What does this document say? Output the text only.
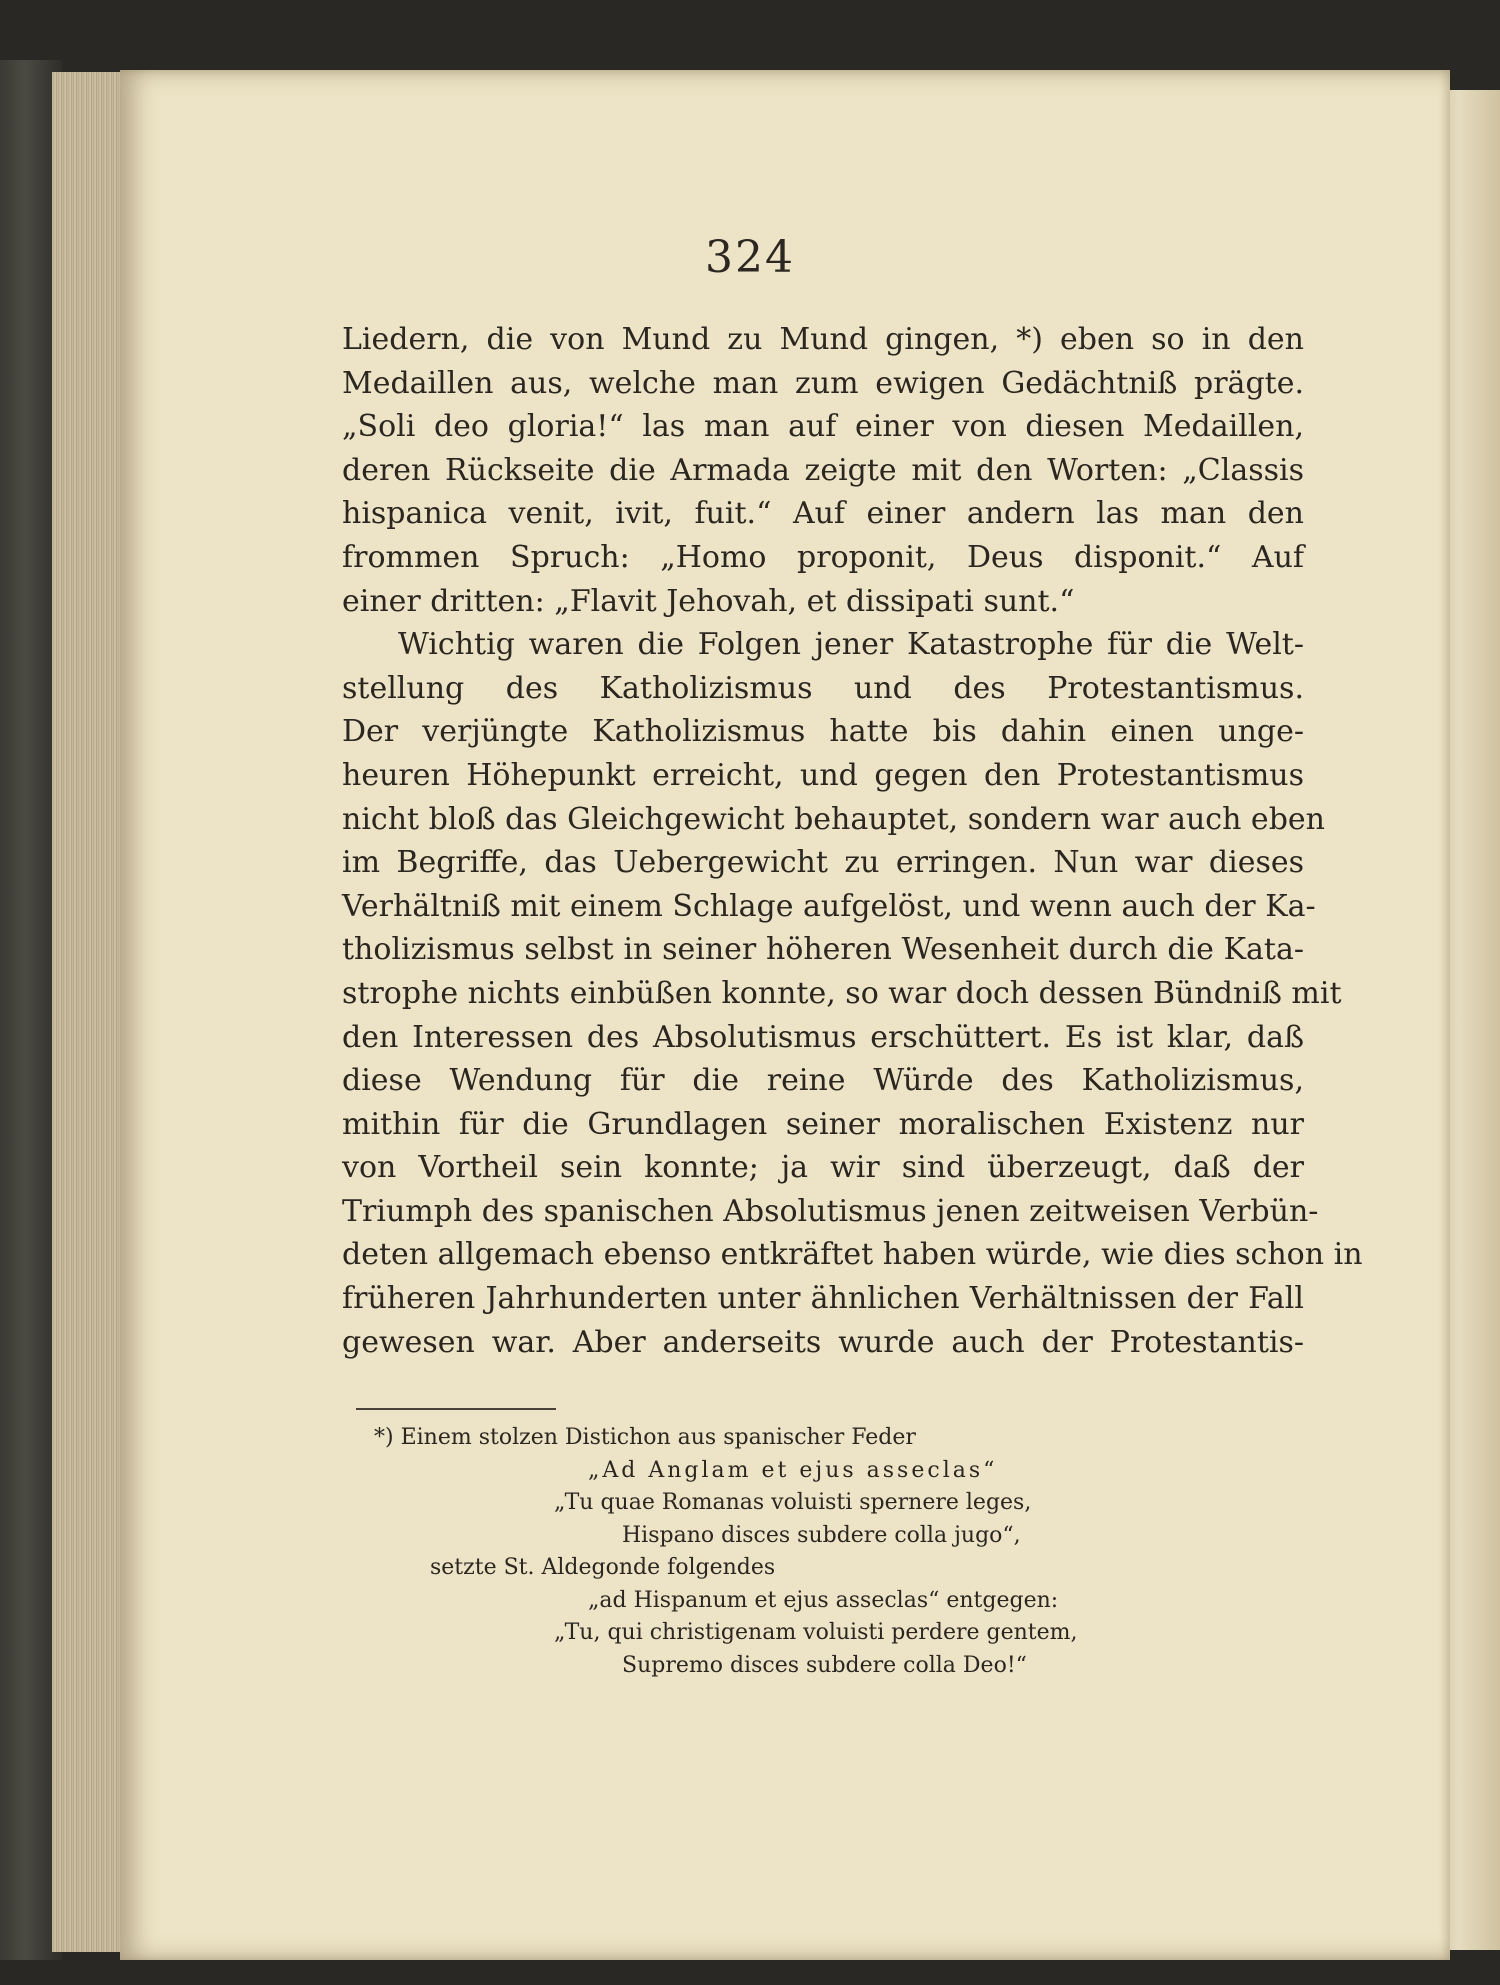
324
Liedern, die von Mund zu Mund gingen, *) eben so in den
Medaillen aus, welche man zum ewigen Gedächtniß prägte.
„Soli deo gloria!“ las man auf einer von diesen Medaillen,
deren Rückseite die Armada zeigte mit den Worten: „Classis
hispanica venit, ivit, fuit.“ Auf einer andern las man den
frommen Spruch: „Homo proponit, Deus disponit.“ Auf
einer dritten: „Flavit Jehovah, et dissipati sunt.“
Wichtig waren die Folgen jener Katastrophe für die Welt-
stellung des Katholizismus und des Protestantismus.
Der verjüngte Katholizismus hatte bis dahin einen unge-
heuren Höhepunkt erreicht, und gegen den Protestantismus
nicht bloß das Gleichgewicht behauptet, sondern war auch eben
im Begriffe, das Uebergewicht zu erringen. Nun war dieses
Verhältniß mit einem Schlage aufgelöst, und wenn auch der Ka-
tholizismus selbst in seiner höheren Wesenheit durch die Kata-
strophe nichts einbüßen konnte, so war doch dessen Bündniß mit
den Interessen des Absolutismus erschüttert. Es ist klar, daß
diese Wendung für die reine Würde des Katholizismus,
mithin für die Grundlagen seiner moralischen Existenz nur
von Vortheil sein konnte; ja wir sind überzeugt, daß der
Triumph des spanischen Absolutismus jenen zeitweisen Verbün-
deten allgemach ebenso entkräftet haben würde, wie dies schon in
früheren Jahrhunderten unter ähnlichen Verhältnissen der Fall
gewesen war. Aber anderseits wurde auch der Protestantis-
*) Einem stolzen Distichon aus spanischer Feder
„Ad Anglam et ejus asseclas“
„Tu quae Romanas voluisti spernere leges,
Hispano disces subdere colla jugo“,
setzte St. Aldegonde folgendes
„ad Hispanum et ejus asseclas“ entgegen:
„Tu, qui christigenam voluisti perdere gentem,
Supremo disces subdere colla Deo!“
